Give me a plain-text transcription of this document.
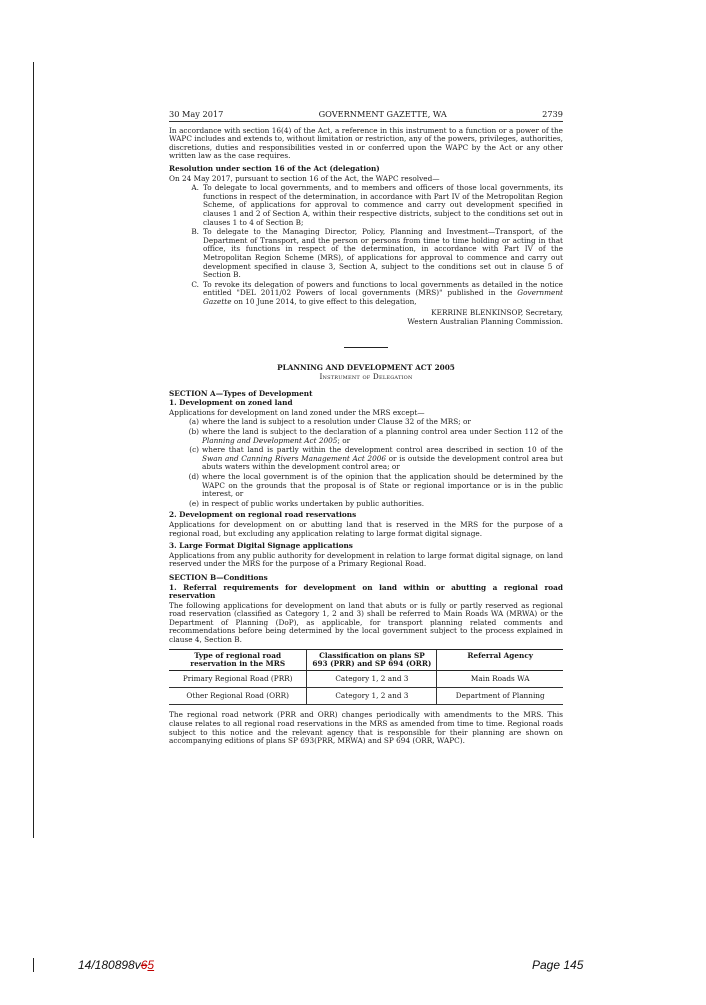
30 May 2017	GOVERNMENT GAZETTE, WA	2739

In accordance with section 16(4) of the Act, a reference in this instrument to a function or a power of the WAPC includes and extends to, without limitation or restriction, any of the powers, privileges, authorities, discretions, duties and responsibilities vested in or conferred upon the WAPC by the Act or any other written law as the case requires.

Resolution under section 16 of the Act (delegation)

On 24 May 2017, pursuant to section 16 of the Act, the WAPC resolved—

A. To delegate to local governments, and to members and officers of those local governments, its functions in respect of the determination, in accordance with Part IV of the Metropolitan Region Scheme, of applications for approval to commence and carry out development specified in clauses 1 and 2 of Section A, within their respective districts, subject to the conditions set out in clauses 1 to 4 of Section B;
B. To delegate to the Managing Director, Policy, Planning and Investment—Transport, of the Department of Transport, and the person or persons from time to time holding or acting in that office, its functions in respect of the determination, in accordance with Part IV of the Metropolitan Region Scheme (MRS), of applications for approval to commence and carry out development specified in clause 3, Section A, subject to the conditions set out in clause 5 of Section B.
C. To revoke its delegation of powers and functions to local governments as detailed in the notice entitled "DEL 2011/02 Powers of local governments (MRS)" published in the Government Gazette on 10 June 2014, to give effect to this delegation,
KERRINE BLENKINSOP, Secretary,
Western Australian Planning Commission.
PLANNING AND DEVELOPMENT ACT 2005
Instrument of Delegation
SECTION A—Types of Development
1. Development on zoned land

Applications for development on land zoned under the MRS except—

(a) where the land is subject to a resolution under Clause 32 of the MRS; or
(b) where the land is subject to the declaration of a planning control area under Section 112 of the Planning and Development Act 2005; or
(c) where that land is partly within the development control area described in section 10 of the Swan and Canning Rivers Management Act 2006 or is outside the development control area but abuts waters within the development control area; or
(d) where the local government is of the opinion that the application should be determined by the WAPC on the grounds that the proposal is of State or regional importance or is in the public interest, or
(e) in respect of public works undertaken by public authorities.
2. Development on regional road reservations

Applications for development on or abutting land that is reserved in the MRS for the purpose of a regional road, but excluding any application relating to large format digital signage.

3. Large Format Digital Signage applications

Applications from any public authority for development in relation to large format digital signage, on land reserved under the MRS for the purpose of a Primary Regional Road.

SECTION B—Conditions
1. Referral requirements for development on land within or abutting a regional road reservation

The following applications for development on land that abuts or is fully or partly reserved as regional road reservation (classified as Category 1, 2 and 3) shall be referred to Main Roads WA (MRWA) or the Department of Planning (DoP), as applicable, for transport planning related comments and recommendations before being determined by the local government subject to the process explained in clause 4, Section B.

Type of regional road reservation in the MRS	Classification on plans SP 693 (PRR) and SP 694 (ORR)	Referral Agency
Primary Regional Road (PRR)	Category 1, 2 and 3	Main Roads WA
Other Regional Road (ORR)	Category 1, 2 and 3	Department of Planning

The regional road network (PRR and ORR) changes periodically with amendments to the MRS. This clause relates to all regional road reservations in the MRS as amended from time to time. Regional roads subject to this notice and the relevant agency that is responsible for their planning are shown on accompanying editions of plans SP 693(PRR, MRWA) and SP 694 (ORR, WAPC).

14/180898v65	Page 145
